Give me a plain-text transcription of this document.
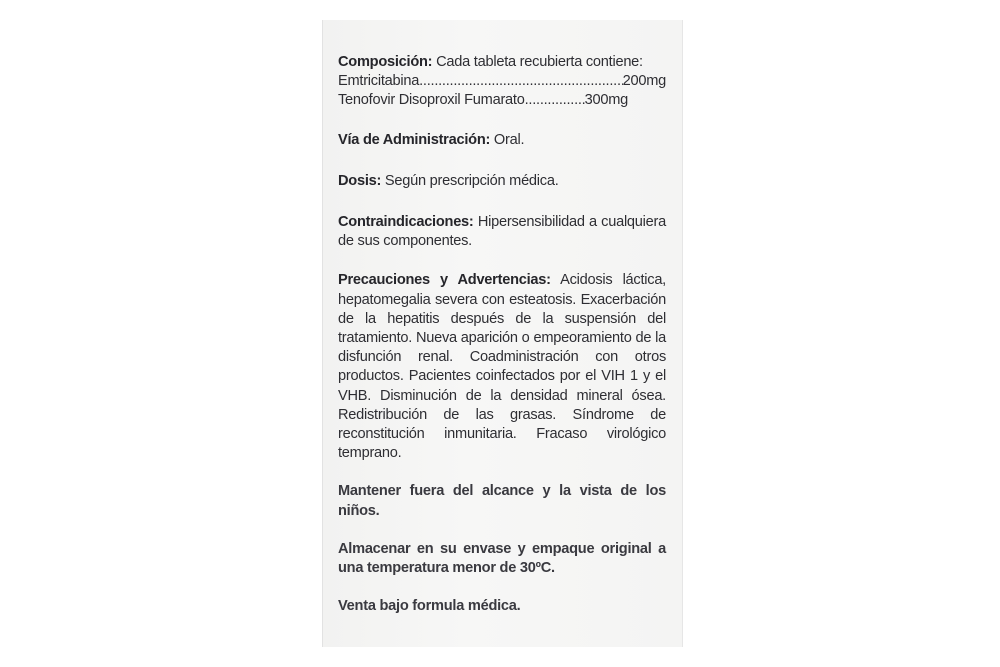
Composición: Cada tableta recubierta contiene:
Emtricitabina .....	200mg
Tenofovir Disoproxil Fumarato .....	300mg
Vía de Administración: Oral.
Dosis: Según prescripción médica.
Contraindicaciones: Hipersensibilidad a cualquiera de sus componentes.
Precauciones y Advertencias: Acidosis láctica, hepatomegalia severa con esteatosis. Exacerbación de la hepatitis después de la suspensión del tratamiento. Nueva aparición o empeoramiento de la disfunción renal. Coadministración con otros productos. Pacientes coinfectados por el VIH 1 y el VHB. Disminución de la densidad mineral ósea. Redistribución de las grasas. Síndrome de reconstitución inmunitaria. Fracaso virológico temprano.
Mantener fuera del alcance y la vista de los niños.
Almacenar en su envase y empaque original a una temperatura menor de 30ºC.
Venta bajo formula médica.
